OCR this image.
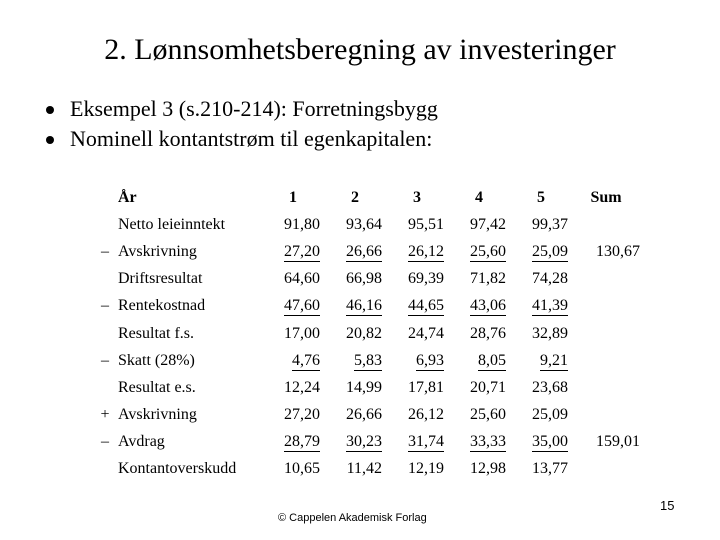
2. Lønnsomhetsberegning av investeringer
Eksempel 3 (s.210-214): Forretningsbygg
Nominell kontantstrøm til egenkapitalen:
	År	1	2	3	4	5	Sum
	Netto leieinntekt	91,80	93,64	95,51	97,42	99,37	
–	Avskrivning	27,20	26,66	26,12	25,60	25,09	130,67
	Driftsresultat	64,60	66,98	69,39	71,82	74,28	
–	Rentekostnad	47,60	46,16	44,65	43,06	41,39	
	Resultat f.s.	17,00	20,82	24,74	28,76	32,89	
–	Skatt (28%)	4,76	5,83	6,93	8,05	9,21	
	Resultat e.s.	12,24	14,99	17,81	20,71	23,68	
+	Avskrivning	27,20	26,66	26,12	25,60	25,09	
–	Avdrag	28,79	30,23	31,74	33,33	35,00	159,01
	Kontantoverskudd	10,65	11,42	12,19	12,98	13,77	
© Cappelen Akademisk Forlag
15
